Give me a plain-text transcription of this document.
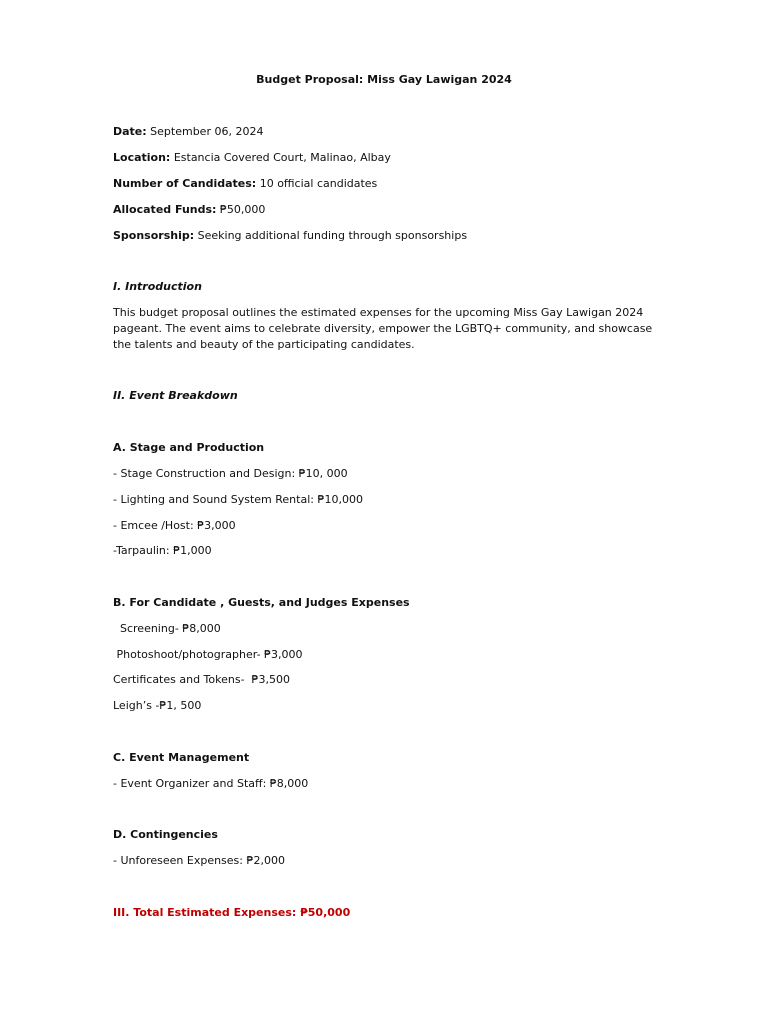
Budget Proposal: Miss Gay Lawigan 2024
Date: September 06, 2024
Location: Estancia Covered Court, Malinao, Albay
Number of Candidates: 10 official candidates
Allocated Funds: ₱50,000
Sponsorship: Seeking additional funding through sponsorships
I. Introduction
This budget proposal outlines the estimated expenses for the upcoming Miss Gay Lawigan 2024 pageant. The event aims to celebrate diversity, empower the LGBTQ+ community, and showcase the talents and beauty of the participating candidates.
II. Event Breakdown
A. Stage and Production
- Stage Construction and Design: ₱10, 000
- Lighting and Sound System Rental: ₱10,000
- Emcee /Host: ₱3,000
-Tarpaulin: ₱1,000
B. For Candidate , Guests, and Judges Expenses
Screening- ₱8,000
Photoshoot/photographer- ₱3,000
Certificates and Tokens-  ₱3,500
Leigh’s -₱1, 500
C. Event Management
- Event Organizer and Staff: ₱8,000
D. Contingencies
- Unforeseen Expenses: ₱2,000
III. Total Estimated Expenses: ₱50,000
